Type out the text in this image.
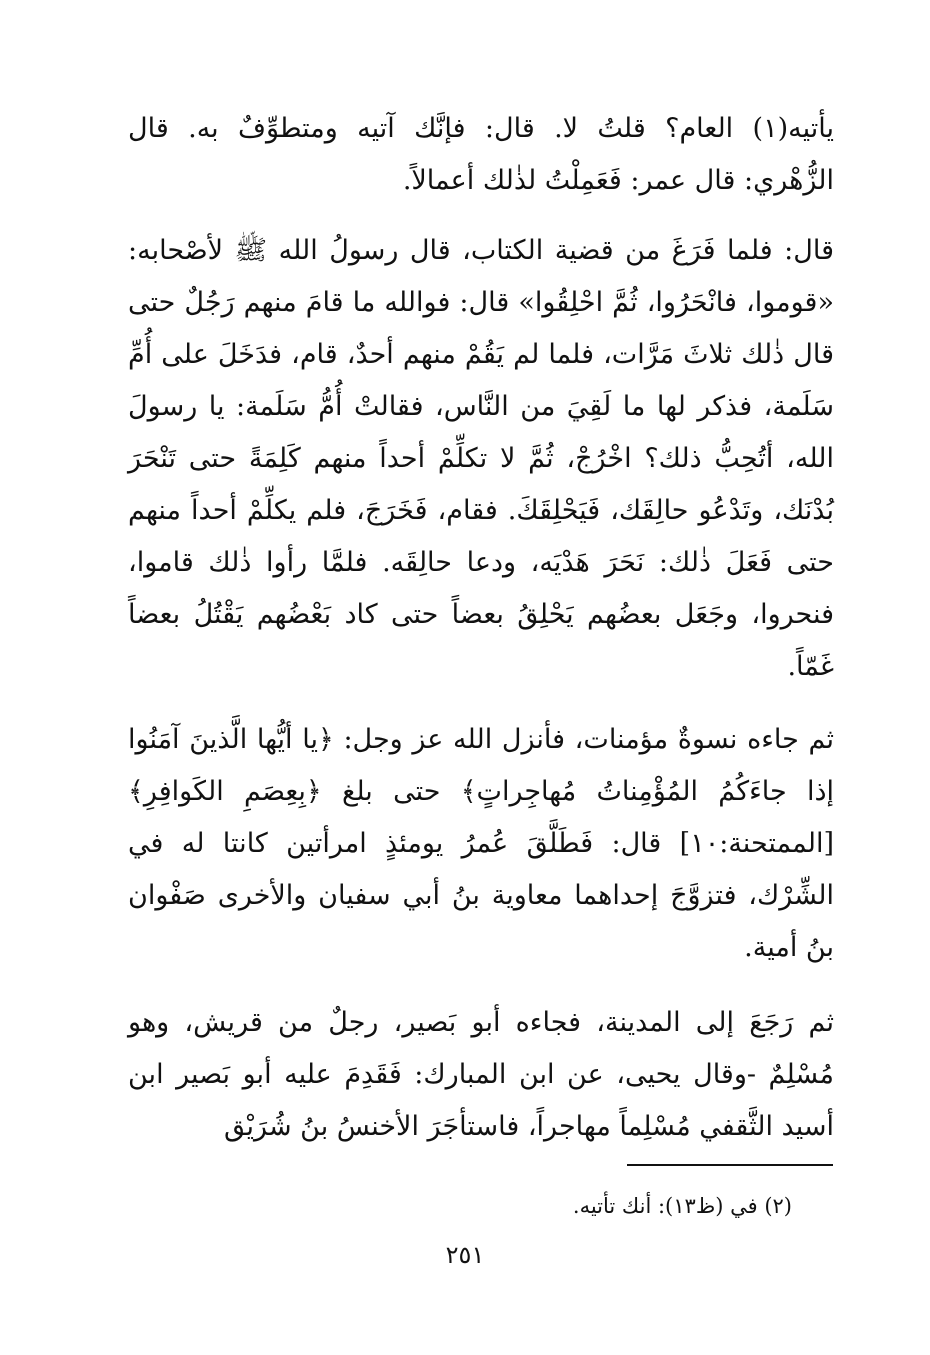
يأتيه(١) العام؟ قلتُ لا. قال: فإنَّك آتيه ومتطوِّفٌ به. قال الزُّهْري: قال عمر: فَعَمِلْتُ لذٰلك أعمالاً.

قال: فلما فَرَغَ من قضية الكتاب، قال رسولُ الله ﷺ لأصْحابه: «قوموا، فانْحَرُوا، ثُمَّ احْلِقُوا» قال: فوالله ما قامَ منهم رَجُلٌ حتى قال ذٰلك ثلاثَ مَرَّات، فلما لم يَقُمْ منهم أحدٌ، قام، فدَخَلَ على أُمِّ سَلَمة، فذكر لها ما لَقِيَ من النَّاس، فقالتْ أُمُّ سَلَمة: يا رسولَ الله، أتُحِبُّ ذلك؟ اخْرُجْ، ثُمَّ لا تكلِّمْ أحداً منهم كَلِمَةً حتى تَنْحَرَ بُدْنَك، وتَدْعُو حالِقَك، فَيَحْلِقَكَ. فقام، فَخَرَجَ، فلم يكلِّمْ أحداً منهم حتى فَعَلَ ذٰلك: نَحَرَ هَدْيَه، ودعا حالِقَه. فلمَّا رأوا ذٰلك قاموا، فنحروا، وجَعَل بعضُهم يَحْلِقُ بعضاً حتى كاد بَعْضُهم يَقْتُلُ بعضاً غَمّاً.

ثم جاءه نسوةٌ مؤمنات، فأنزل الله عز وجل: ﴿يا أيُّها الَّذينَ آمَنُوا إذا جاءَكُمُ المُؤْمِناتُ مُهاجِراتٍ﴾ حتى بلغ ﴿بِعِصَمِ الكَوافِرِ﴾ [الممتحنة:١٠] قال: فَطَلَّقَ عُمرُ يومئذٍ امرأتين كانتا له في الشِّرْك، فتزوَّجَ إحداهما معاوية بنُ أبي سفيان والأخرى صَفْوان بنُ أمية.

ثم رَجَعَ إلى المدينة، فجاءه أبو بَصير، رجلٌ من قريش، وهو مُسْلِمٌ -وقال يحيى، عن ابن المبارك: فَقَدِمَ عليه أبو بَصير ابن أسيد الثَّقفي مُسْلِماً مهاجراً، فاستأجَرَ الأخنسُ بنُ شُرَيْق

(٢) في (ظ١٣): أنك تأتيه.

٢٥١
